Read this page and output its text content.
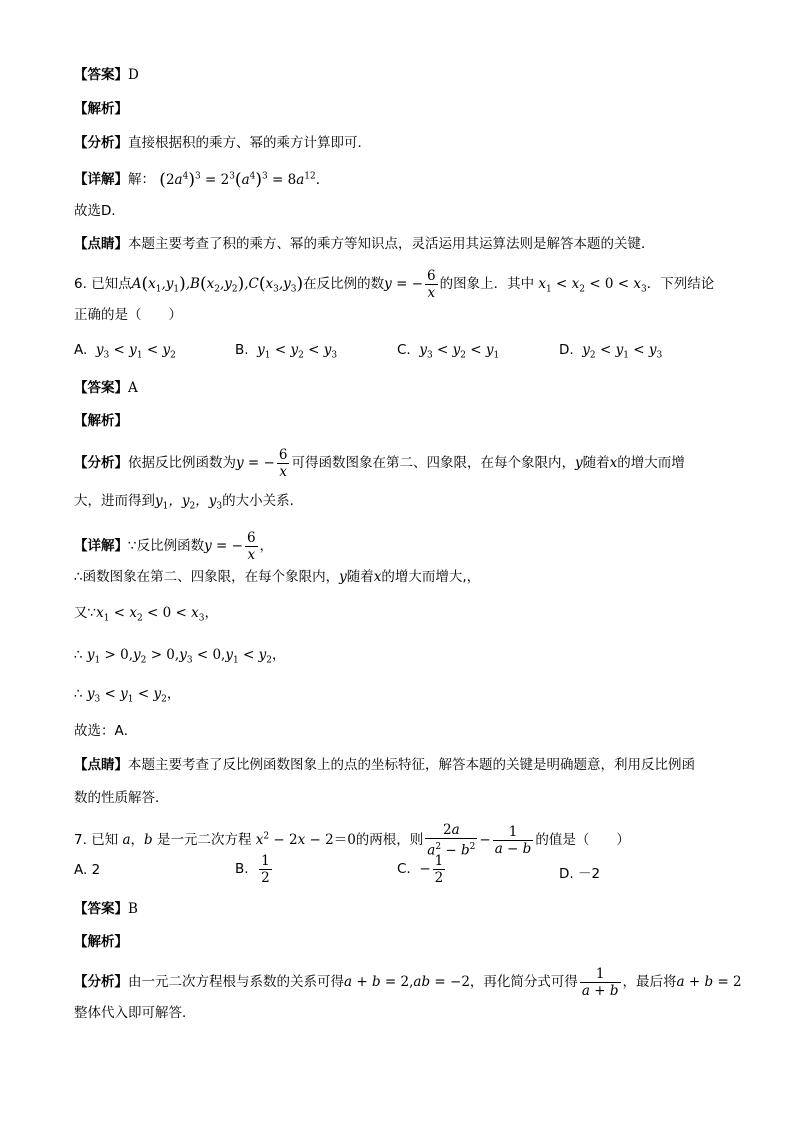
【答案】D
【解析】
【分析】直接根据积的乘方、幂的乘方计算即可．
【详解】解： $(2a^4)^3 = 2^3(a^4)^3 = 8a^{12}$．
故选D．
【点睛】本题主要考查了积的乘方、幂的乘方等知识点，灵活运用其运算法则是解答本题的关键．
6. 已知点$A(x_1,y_1),B(x_2,y_2),C(x_3,y_3)$在反比例的数y = − $\frac{6}{x}$ 的图象上．其中 $x_1 < x_2 < 0 < x_3$．下列结论
正确的是（　　）
A. $y_3 < y_1 < y_2$	B. $y_1 < y_2 < y_3$	C. $y_3 < y_2 < y_1$	D. $y_2 < y_1 < y_3$
【答案】A
【解析】
【分析】依据反比例函数为y = − $\frac{6}{x}$ 可得函数图象在第二、四象限，在每个象限内，y随着x的增大而增
大，进而得到$y_1$，$y_2$，$y_3$的大小关系．
【详解】∵反比例函数y = − $\frac{6}{x}$ ，
∴函数图象在第二、四象限，在每个象限内，y随着x的增大而增大,，
又$\because x_1 < x_2 < 0 < x_3$，
∴ $y_1 > 0,y_2 > 0,y_3 < 0,y_1 < y_2$，
∴ $y_3 < y_1 < y_2$，
故选：A．
【点睛】本题主要考查了反比例函数图象上的点的坐标特征，解答本题的关键是明确题意，利用反比例函
数的性质解答．
7. 已知 a，b 是一元二次方程 $x^2 - 2x - 2=0$的两根，则 $\frac{2a}{a^2 - b^2} - \frac{1}{a - b}$ 的值是（　　）
A. 2	B. $\frac{1}{2}$	C. − $\frac{1}{2}$	D. －2
【答案】B
【解析】
【分析】由一元二次方程根与系数的关系可得a + b = 2,ab = −2，再化简分式可得 $\frac{1}{a + b}$ ，最后将a + b = 2
整体代入即可解答．
